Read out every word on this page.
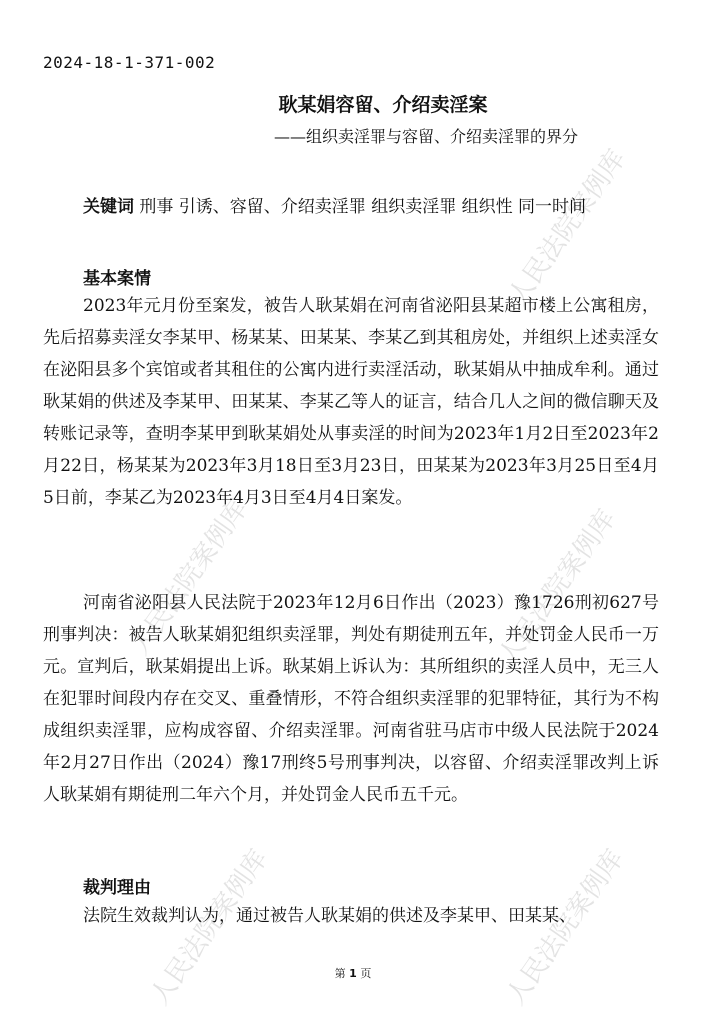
人民法院案例库
人民法院案例库	人民法院案例库
人民法院案例库	人民法院案例库
2024-18-1-371-002
耿某娟容留、介绍卖淫案
——组织卖淫罪与容留、介绍卖淫罪的界分
关键词 刑事 引诱、容留、介绍卖淫罪 组织卖淫罪 组织性 同一时间
基本案情

2023年元月份至案发，被告人耿某娟在河南省泌阳县某超市楼上公寓租房，先后招募卖淫女李某甲、杨某某、田某某、李某乙到其租房处，并组织上述卖淫女在泌阳县多个宾馆或者其租住的公寓内进行卖淫活动，耿某娟从中抽成牟利。通过耿某娟的供述及李某甲、田某某、李某乙等人的证言，结合几人之间的微信聊天及转账记录等，查明李某甲到耿某娟处从事卖淫的时间为2023年1月2日至2023年2月22日，杨某某为2023年3月18日至3月23日，田某某为2023年3月25日至4月5日前，李某乙为2023年4月3日至4月4日案发。

河南省泌阳县人民法院于2023年12月6日作出（2023）豫1726刑初627号刑事判决：被告人耿某娟犯组织卖淫罪，判处有期徒刑五年，并处罚金人民币一万元。宣判后，耿某娟提出上诉。耿某娟上诉认为：其所组织的卖淫人员中，无三人在犯罪时间段内存在交叉、重叠情形，不符合组织卖淫罪的犯罪特征，其行为不构成组织卖淫罪，应构成容留、介绍卖淫罪。河南省驻马店市中级人民法院于2024年2月27日作出（2024）豫17刑终5号刑事判决，以容留、介绍卖淫罪改判上诉人耿某娟有期徒刑二年六个月，并处罚金人民币五千元。

裁判理由

法院生效裁判认为，通过被告人耿某娟的供述及李某甲、田某某、

第 1 页
